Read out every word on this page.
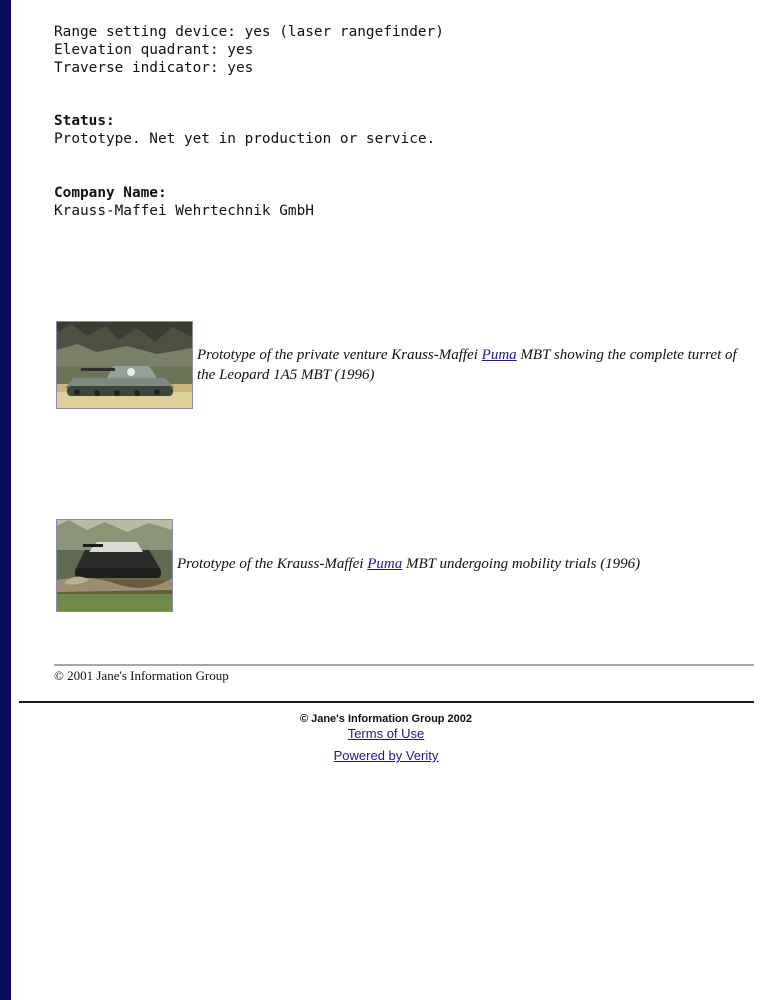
Range setting device: yes (laser rangefinder)
Elevation quadrant: yes
Traverse indicator: yes
Status:
Prototype. Net yet in production or service.
Company Name:
Krauss-Maffei Wehrtechnik GmbH
Prototype of the private venture Krauss-Maffei Puma MBT showing the complete turret of the Leopard 1A5 MBT (1996)
Prototype of the Krauss-Maffei Puma MBT undergoing mobility trials (1996)
© 2001 Jane's Information Group
© Jane's Information Group 2002
Terms of Use
Powered by Verity
